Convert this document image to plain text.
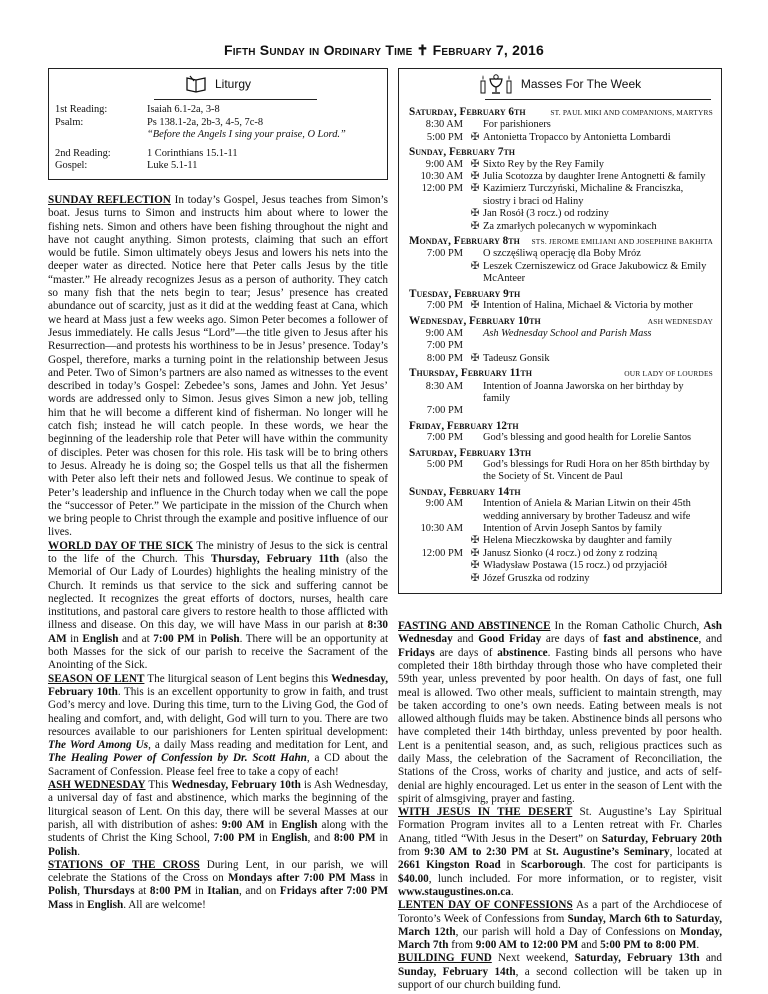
Fifth Sunday in Ordinary Time ✝ February 7, 2016
Liturgy
1st Reading:	Isaiah 6.1-2a, 3-8
Psalm:	Ps 138.1-2a, 2b-3, 4-5, 7c-8
“Before the Angels I sing your praise, O Lord.”
2nd Reading:	1 Corinthians 15.1-11
Gospel:	Luke 5.1-11

SUNDAY REFLECTION In today’s Gospel, Jesus teaches from Simon’s boat. Jesus turns to Simon and instructs him about where to lower the fishing nets. Simon and others have been fishing throughout the night and have not caught anything. Simon protests, claiming that such an effort would be futile. Simon ultimately obeys Jesus and lowers his nets into the deeper water as directed. Notice here that Peter calls Jesus by the title “master.” He already recognizes Jesus as a person of authority. They catch so many fish that the nets begin to tear; Jesus’ presence has created abundance out of scarcity, just as it did at the wedding feast at Cana, which we heard at Mass just a few weeks ago. Simon Peter becomes a follower of Jesus immediately. He calls Jesus “Lord”—the title given to Jesus after his Resurrection—and protests his worthiness to be in Jesus’ presence. Today’s Gospel, therefore, marks a turning point in the relationship between Jesus and Peter. Two of Simon’s partners are also named as witnesses to the event described in today’s Gospel: Zebedee’s sons, James and John. Yet Jesus’ words are addressed only to Simon. Jesus gives Simon a new job, telling him that he will become a different kind of fisherman. No longer will he catch fish; instead he will catch people. In these words, we hear the beginning of the leadership role that Peter will have within the community of disciples. Peter was chosen for this role. His task will be to bring others to Jesus. Already he is doing so; the Gospel tells us that all the fishermen with Peter also left their nets and followed Jesus. We continue to speak of Peter’s leadership and influence in the Church today when we call the pope the “successor of Peter.” We participate in the mission of the Church when we bring people to Christ through the example and positive influence of our lives.

WORLD DAY OF THE SICK The ministry of Jesus to the sick is central to the life of the Church. This Thursday, February 11th (also the Memorial of Our Lady of Lourdes) highlights the healing ministry of the Church. It reminds us that service to the sick and suffering cannot be neglected. It recognizes the great efforts of doctors, nurses, health care institutions, and pastoral care givers to restore health to those afflicted with illness and disease. On this day, we will have Mass in our parish at 8:30 AM in English and at 7:00 PM in Polish. There will be an opportunity at both Masses for the sick of our parish to receive the Sacrament of the Anointing of the Sick.

SEASON OF LENT The liturgical season of Lent begins this Wednesday, February 10th. This is an excellent opportunity to grow in faith, and trust God’s mercy and love. During this time, turn to the Living God, the God of healing and comfort, and, with delight, God will turn to you. There are two resources available to our parishioners for Lenten spiritual development: The Word Among Us, a daily Mass reading and meditation for Lent, and The Healing Power of Confession by Dr. Scott Hahn, a CD about the Sacrament of Confession. Please feel free to take a copy of each!

ASH WEDNESDAY This Wednesday, February 10th is Ash Wednesday, a universal day of fast and abstinence, which marks the beginning of the liturgical season of Lent. On this day, there will be several Masses at our parish, all with distribution of ashes: 9:00 AM in English along with the students of Christ the King School, 7:00 PM in English, and 8:00 PM in Polish.

STATIONS OF THE CROSS During Lent, in our parish, we will celebrate the Stations of the Cross on Mondays after 7:00 PM Mass in Polish, Thursdays at 8:00 PM in Italian, and on Fridays after 7:00 PM Mass in English. All are welcome!

Masses For The Week
Saturday, February 6th	ST. PAUL MIKI AND COMPANIONS, MARTYRS
8:30 AM	For parishioners
5:00 PM ✠ Antonietta Tropacco by Antonietta Lombardi
Sunday, February 7th
9:00 AM ✠ Sixto Rey by the Rey Family
10:30 AM ✠ Julia Scotozza by daughter Irene Antognetti & family
12:00 PM ✠ Kazimierz Turczyński, Michaline & Franciszka, siostry i braci od Haliny
✠ Jan Rosół (3 rocz.) od rodziny
✠ Za zmarłych polecanych w wypominkach
Monday, February 8th STS. JEROME EMILIANI AND JOSEPHINE BAKHITA
7:00 PM	O szczęśliwą operację dla Boby Mróz
✠ Leszek Czerniszewicz od Grace Jakubowicz & Emily McAnteer
Tuesday, February 9th
7:00 PM ✠ Intention of Halina, Michael & Victoria by mother
Wednesday, February 10th	ASH WEDNESDAY
9:00 AM	Ash Wednesday School and Parish Mass
7:00 PM
8:00 PM ✠ Tadeusz Gonsik
Thursday, February 11th	OUR LADY OF LOURDES
8:30 AM	Intention of Joanna Jaworska on her birthday by family
7:00 PM
Friday, February 12th
7:00 PM	God’s blessing and good health for Lorelie Santos
Saturday, February 13th
5:00 PM	God’s blessings for Rudi Hora on her 85th birthday by the Society of St. Vincent de Paul
Sunday, February 14th
9:00 AM	Intention of Aniela & Marian Litwin on their 45th wedding anniversary by brother Tadeusz and wife
10:30 AM	Intention of Arvin Joseph Santos by family
✠ Helena Mieczkowska by daughter and family
12:00 PM ✠ Janusz Sionko (4 rocz.) od żony z rodziną
✠ Władysław Postawa (15 rocz.) od przyjaciół
✠ Józef Gruszka od rodziny

FASTING AND ABSTINENCE In the Roman Catholic Church, Ash Wednesday and Good Friday are days of fast and abstinence, and Fridays are days of abstinence. Fasting binds all persons who have completed their 18th birthday through those who have completed their 59th year, unless prevented by poor health. On days of fast, one full meal is allowed. Two other meals, sufficient to maintain strength, may be taken according to one’s own needs. Eating between meals is not allowed although fluids may be taken. Abstinence binds all persons who have completed their 14th birthday, unless prevented by poor health. Lent is a penitential season, and, as such, religious practices such as daily Mass, the celebration of the Sacrament of Reconciliation, the Stations of the Cross, works of charity and justice, and acts of self-denial are highly encouraged. Let us enter in the season of Lent with the spirit of almsgiving, prayer and fasting.

WITH JESUS IN THE DESERT St. Augustine’s Lay Spiritual Formation Program invites all to a Lenten retreat with Fr. Charles Anang, titled “With Jesus in the Desert” on Saturday, February 20th from 9:30 AM to 2:30 PM at St. Augustine’s Seminary, located at 2661 Kingston Road in Scarborough. The cost for participants is $40.00, lunch included. For more information, or to register, visit www.staugustines.on.ca.

LENTEN DAY OF CONFESSIONS As a part of the Archdiocese of Toronto’s Week of Confessions from Sunday, March 6th to Saturday, March 12th, our parish will hold a Day of Confessions on Monday, March 7th from 9:00 AM to 12:00 PM and 5:00 PM to 8:00 PM.

BUILDING FUND Next weekend, Saturday, February 13th and Sunday, February 14th, a second collection will be taken up in support of our church building fund.
